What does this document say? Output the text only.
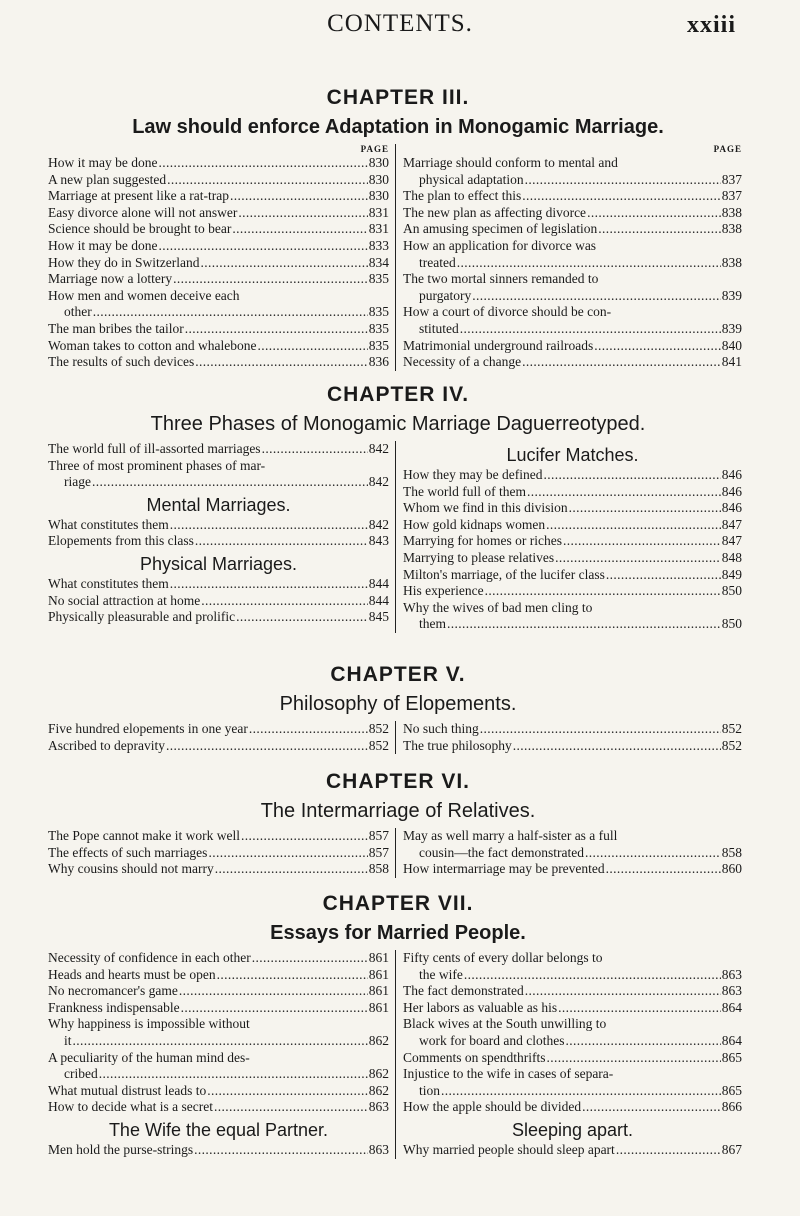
CONTENTS.	xxiii
CHAPTER III.
Law should enforce Adaptation in Monogamic Marriage.
PAGE
How it may be done . . .	830
A new plan suggested . . .	830
Marriage at present like a rat-trap . . .	830
Easy divorce alone will not answer . . .	831
Science should be brought to bear . . .	831
How it may be done . . .	833
How they do in Switzerland . . .	834
Marriage now a lottery . . .	835
How men and women deceive each
other . . .	835
The man bribes the tailor . . .	835
Woman takes to cotton and whalebone . . .	835
The results of such devices . . .	836
PAGE
Marriage should conform to mental and
physical adaptation . . .	837
The plan to effect this . . .	837
The new plan as affecting divorce . . .	838
An amusing specimen of legislation . . .	838
How an application for divorce was
treated . . .	838
The two mortal sinners remanded to
purgatory . . .	839
How a court of divorce should be con-
stituted . . .	839
Matrimonial underground railroads . . .	840
Necessity of a change . . .	841
CHAPTER IV.
Three Phases of Monogamic Marriage Daguerreotyped.
The world full of ill-assorted marriages . . .	842
Three of most prominent phases of mar-
riage . . .	842
Mental Marriages.
What constitutes them . . .	842
Elopements from this class . . .	843
Physical Marriages.
What constitutes them . . .	844
No social attraction at home . . .	844
Physically pleasurable and prolific . . .	845
Lucifer Matches.
How they may be defined . . .	846
The world full of them . . .	846
Whom we find in this division . . .	846
How gold kidnaps women . . .	847
Marrying for homes or riches . . .	847
Marrying to please relatives . . .	848
Milton's marriage, of the lucifer class . . .	849
His experience . . .	850
Why the wives of bad men cling to
them . . .	850
CHAPTER V.
Philosophy of Elopements.
Five hundred elopements in one year . . .	852
Ascribed to depravity . . .	852
No such thing . . .	852
The true philosophy . . .	852
CHAPTER VI.
The Intermarriage of Relatives.
The Pope cannot make it work well . . .	857
The effects of such marriages . . .	857
Why cousins should not marry . . .	858
May as well marry a half-sister as a full
cousin—the fact demonstrated . . .	858
How intermarriage may be prevented . . .	860
CHAPTER VII.
Essays for Married People.
Necessity of confidence in each other . . .	861
Heads and hearts must be open . . .	861
No necromancer's game . . .	861
Frankness indispensable . . .	861
Why happiness is impossible without
it . . .	862
A peculiarity of the human mind des-
cribed . . .	862
What mutual distrust leads to . . .	862
How to decide what is a secret . . .	863
The Wife the equal Partner.
Men hold the purse-strings . . .	863
Fifty cents of every dollar belongs to
the wife . . .	863
The fact demonstrated . . .	863
Her labors as valuable as his . . .	864
Black wives at the South unwilling to
work for board and clothes . . .	864
Comments on spendthrifts . . .	865
Injustice to the wife in cases of separa-
tion . . .	865
How the apple should be divided . . .	866
Sleeping apart.
Why married people should sleep apart . . .	867
